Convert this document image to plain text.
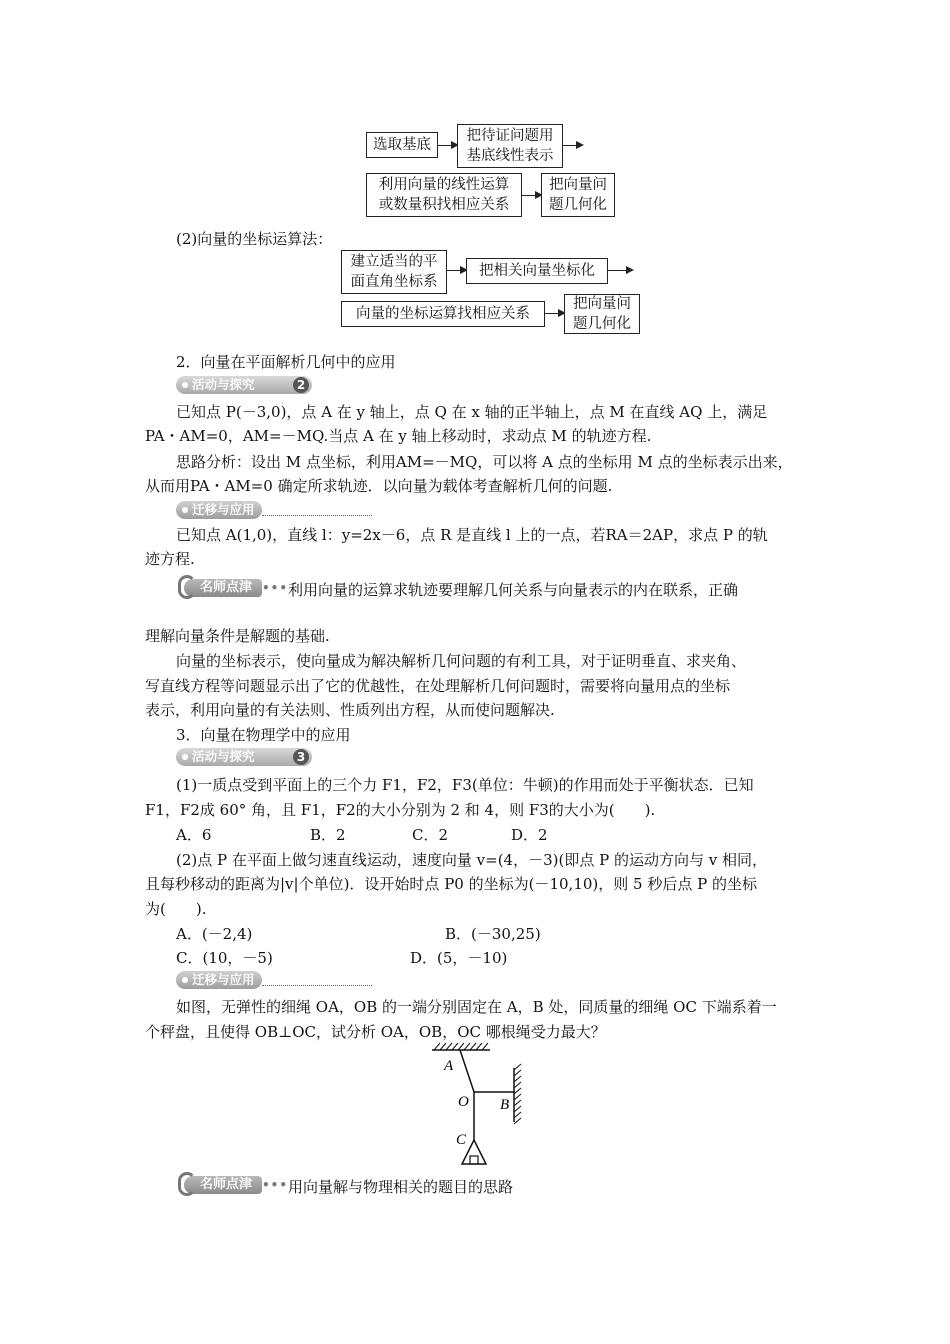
选取基底
把待证问题用
基底线性表示
利用向量的线性运算
或数量积找相应关系
把向量问
题几何化
(2)向量的坐标运算法：
建立适当的平
面直角坐标系
把相关向量坐标化
向量的坐标运算找相应关系
把向量问
题几何化
2．向量在平面解析几何中的应用
活动与探究	2
已知点 P(－3,0)，点 A 在 y 轴上，点 Q 在 x 轴的正半轴上，点 M 在直线 AQ 上，满足
PA・AM=0，AM=－MQ.当点 A 在 y 轴上移动时，求动点 M 的轨迹方程.
思路分析：设出 M 点坐标，利用AM=－MQ，可以将 A 点的坐标用 M 点的坐标表示出来，
从而用PA・AM=0 确定所求轨迹．以向量为载体考查解析几何的问题.
迁移与应用
已知点 A(1,0)，直线 l：y=2x－6，点 R 是直线 l 上的一点，若RA＝2AP，求点 P 的轨
迹方程.
名师点津 ••• 利用向量的运算求轨迹要理解几何关系与向量表示的内在联系，正确
理解向量条件是解题的基础.
向量的坐标表示，使向量成为解决解析几何问题的有利工具，对于证明垂直、求夹角、
写直线方程等问题显示出了它的优越性，在处理解析几何问题时，需要将向量用点的坐标
表示，利用向量的有关法则、性质列出方程，从而使问题解决.
3．向量在物理学中的应用
活动与探究	3
(1)一质点受到平面上的三个力 F1，F2，F3(单位：牛顿)的作用而处于平衡状态．已知
F1，F2成 60° 角，且 F1，F2的大小分别为 2 和 4，则 F3的大小为(　　).
A．6	B．2	C．2	D．2
(2)点 P 在平面上做匀速直线运动，速度向量 v=(4，－3)(即点 P 的运动方向与 v 相同，
且每秒移动的距离为|v|个单位)．设开始时点 P0 的坐标为(－10,10)，则 5 秒后点 P 的坐标
为(　　).
A．(－2,4)	B．(－30,25)
C．(10，－5)	D．(5，－10)
迁移与应用
如图，无弹性的细绳 OA，OB 的一端分别固定在 A，B 处，同质量的细绳 OC 下端系着一
个秤盘，且使得 OB⊥OC，试分析 OA，OB，OC 哪根绳受力最大？
A
O B
C
名师点津 ••• 用向量解与物理相关的题目的思路
